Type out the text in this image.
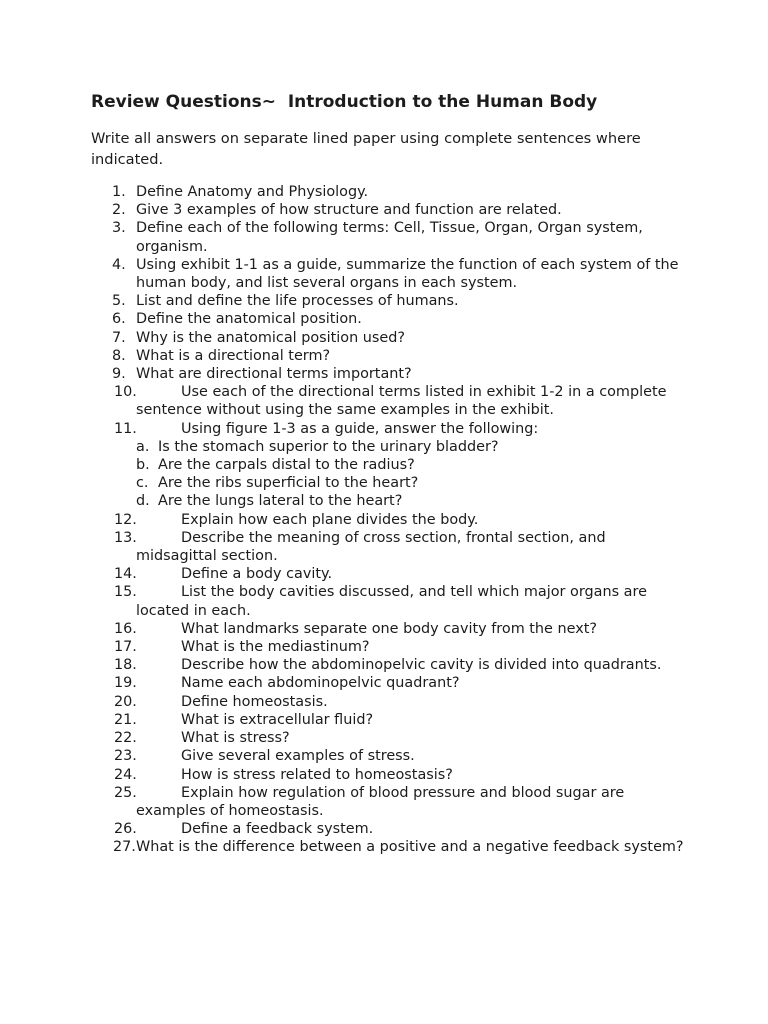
Review Questions~  Introduction to the Human Body

Write all answers on separate lined paper using complete sentences where indicated.

1. Define Anatomy and Physiology.
2. Give 3 examples of how structure and function are related.
3. Define each of the following terms: Cell, Tissue, Organ, Organ system, organism.
4. Using exhibit 1-1 as a guide, summarize the function of each system of the human body, and list several organs in each system.
5. List and define the life processes of humans.
6. Define the anatomical position.
7. Why is the anatomical position used?
8. What is a directional term?
9. What are directional terms important?
10.	Use each of the directional terms listed in exhibit 1-2 in a complete sentence without using the same examples in the exhibit.
11.	Using figure 1-3 as a guide, answer the following:
a. Is the stomach superior to the urinary bladder?
b. Are the carpals distal to the radius?
c. Are the ribs superficial to the heart?
d. Are the lungs lateral to the heart?
12.	Explain how each plane divides the body.
13.	Describe the meaning of cross section, frontal section, and midsagittal section.
14.	Define a body cavity.
15.	List the body cavities discussed, and tell which major organs are located in each.
16.	What landmarks separate one body cavity from the next?
17.	What is the mediastinum?
18.	Describe how the abdominopelvic cavity is divided into quadrants.
19.	Name each abdominopelvic quadrant?
20.	Define homeostasis.
21.	What is extracellular fluid?
22.	What is stress?
23.	Give several examples of stress.
24.	How is stress related to homeostasis?
25.	Explain how regulation of blood pressure and blood sugar are examples of homeostasis.
26.	Define a feedback system.
27. What is the difference between a positive and a negative feedback system?
